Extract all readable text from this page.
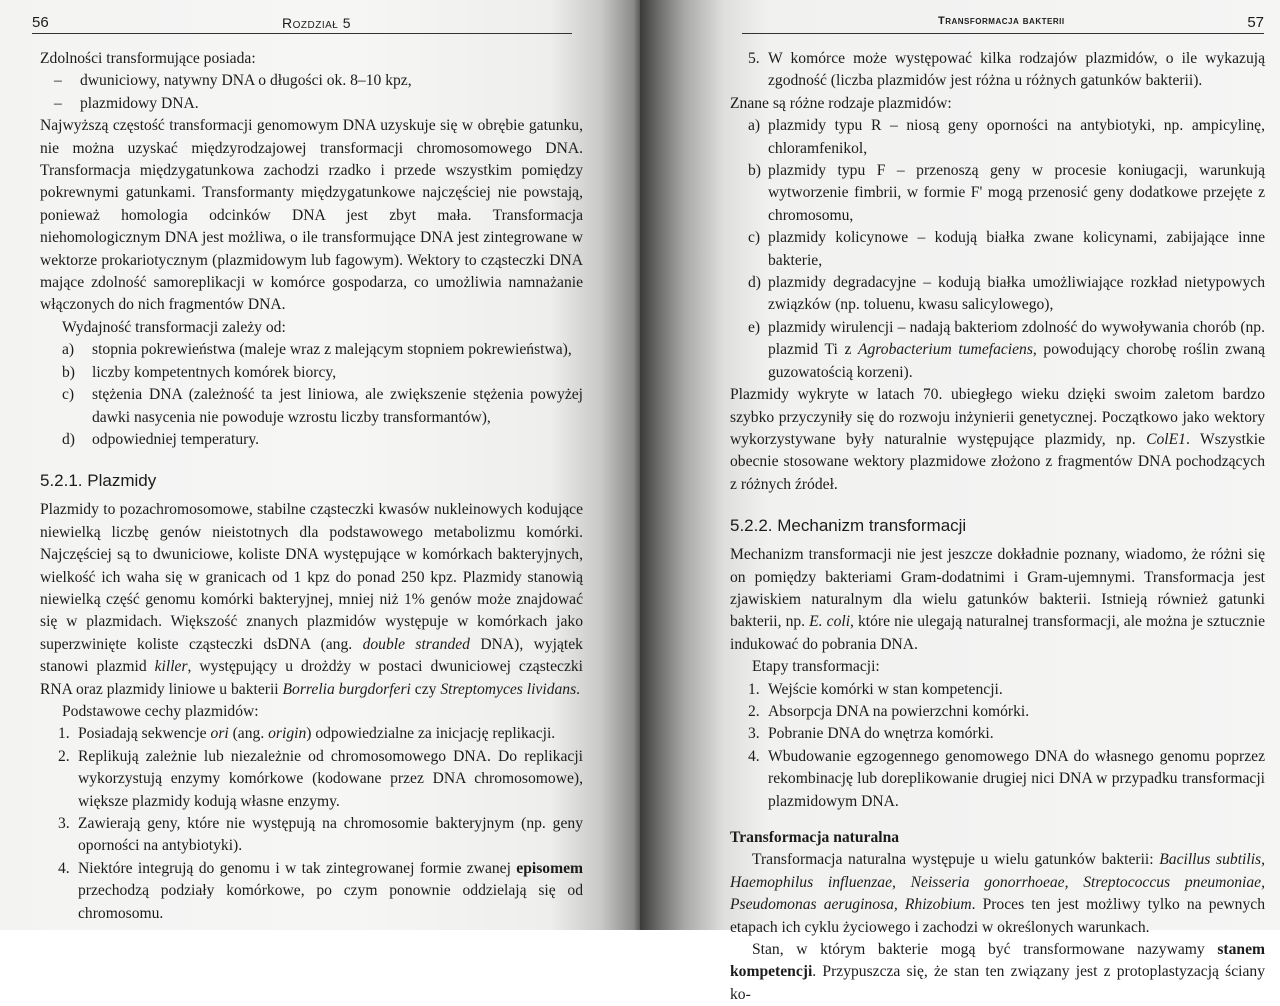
56	Rozdział 5

Zdolności transformujące posiada:

– dwuniciowy, natywny DNA o długości ok. 8–10 kpz,
– plazmidowy DNA.

Najwyższą częstość transformacji genomowym DNA uzyskuje się w obrębie gatunku, nie można uzyskać międzyrodzajowej transformacji chromosomowego DNA. Transformacja międzygatunkowa zachodzi rzadko i przede wszystkim pomiędzy pokrewnymi gatunkami. Transformanty międzygatunkowe najczęściej nie powstają, ponieważ homologia odcinków DNA jest zbyt mała. Transformacja niehomologicznym DNA jest możliwa, o ile transformujące DNA jest zintegrowane w wektorze prokariotycznym (plazmidowym lub fagowym). Wektory to cząsteczki DNA mające zdolność samoreplikacji w komórce gospodarza, co umożliwia namnażanie włączonych do nich fragmentów DNA.

Wydajność transformacji zależy od:

a) stopnia pokrewieństwa (maleje wraz z malejącym stopniem pokrewieństwa),
b) liczby kompetentnych komórek biorcy,
c) stężenia DNA (zależność ta jest liniowa, ale zwiększenie stężenia powyżej dawki nasycenia nie powoduje wzrostu liczby transformantów),
d) odpowiedniej temperatury.
5.2.1. Plazmidy

Plazmidy to pozachromosomowe, stabilne cząsteczki kwasów nukleinowych kodujące niewielką liczbę genów nieistotnych dla podstawowego metabolizmu komórki. Najczęściej są to dwuniciowe, koliste DNA występujące w komórkach bakteryjnych, wielkość ich waha się w granicach od 1 kpz do ponad 250 kpz. Plazmidy stanowią niewielką część genomu komórki bakteryjnej, mniej niż 1% genów może znajdować się w plazmidach. Większość znanych plazmidów występuje w komórkach jako superzwinięte koliste cząsteczki dsDNA (ang. double stranded DNA), wyjątek stanowi plazmid killer, występujący u drożdży w postaci dwuniciowej cząsteczki RNA oraz plazmidy liniowe u bakterii Borrelia burgdorferi czy Streptomyces lividans.

Podstawowe cechy plazmidów:

1. Posiadają sekwencje ori (ang. origin) odpowiedzialne za inicjację replikacji.
2. Replikują zależnie lub niezależnie od chromosomowego DNA. Do replikacji wykorzystują enzymy komórkowe (kodowane przez DNA chromosomowe), większe plazmidy kodują własne enzymy.
3. Zawierają geny, które nie występują na chromosomie bakteryjnym (np. geny oporności na antybiotyki).
4. Niektóre integrują do genomu i w tak zintegrowanej formie zwanej episomem przechodzą podziały komórkowe, po czym ponownie oddzielają się od chromosomu.
Transformacja bakterii	57
5. W komórce może występować kilka rodzajów plazmidów, o ile wykazują zgodność (liczba plazmidów jest różna u różnych gatunków bakterii).

Znane są różne rodzaje plazmidów:

a) plazmidy typu R – niosą geny oporności na antybiotyki, np. ampicylinę, chloramfenikol,
b) plazmidy typu F – przenoszą geny w procesie koniugacji, warunkują wytworzenie fimbrii, w formie F' mogą przenosić geny dodatkowe przejęte z chromosomu,
c) plazmidy kolicynowe – kodują białka zwane kolicynami, zabijające inne bakterie,
d) plazmidy degradacyjne – kodują białka umożliwiające rozkład nietypowych związków (np. toluenu, kwasu salicylowego),
e) plazmidy wirulencji – nadają bakteriom zdolność do wywoływania chorób (np. plazmid Ti z Agrobacterium tumefaciens, powodujący chorobę roślin zwaną guzowatością korzeni).

Plazmidy wykryte w latach 70. ubiegłego wieku dzięki swoim zaletom bardzo szybko przyczyniły się do rozwoju inżynierii genetycznej. Początkowo jako wektory wykorzystywane były naturalnie występujące plazmidy, np. ColE1. Wszystkie obecnie stosowane wektory plazmidowe złożono z fragmentów DNA pochodzących z różnych źródeł.

5.2.2. Mechanizm transformacji

Mechanizm transformacji nie jest jeszcze dokładnie poznany, wiadomo, że różni się on pomiędzy bakteriami Gram-dodatnimi i Gram-ujemnymi. Transformacja jest zjawiskiem naturalnym dla wielu gatunków bakterii. Istnieją również gatunki bakterii, np. E. coli, które nie ulegają naturalnej transformacji, ale można je sztucznie indukować do pobrania DNA.

Etapy transformacji:

1. Wejście komórki w stan kompetencji.
2. Absorpcja DNA na powierzchni komórki.
3. Pobranie DNA do wnętrza komórki.
4. Wbudowanie egzogennego genomowego DNA do własnego genomu poprzez rekombinację lub doreplikowanie drugiej nici DNA w przypadku transformacji plazmidowym DNA.
Transformacja naturalna

Transformacja naturalna występuje u wielu gatunków bakterii: Bacillus subtilis, Haemophilus influenzae, Neisseria gonorrhoeae, Streptococcus pneumoniae, Pseudomonas aeruginosa, Rhizobium. Proces ten jest możliwy tylko na pewnych etapach ich cyklu życiowego i zachodzi w określonych warunkach.

Stan, w którym bakterie mogą być transformowane nazywamy stanem kompetencji. Przypuszcza się, że stan ten związany jest z protoplastyzacją ściany ko-
